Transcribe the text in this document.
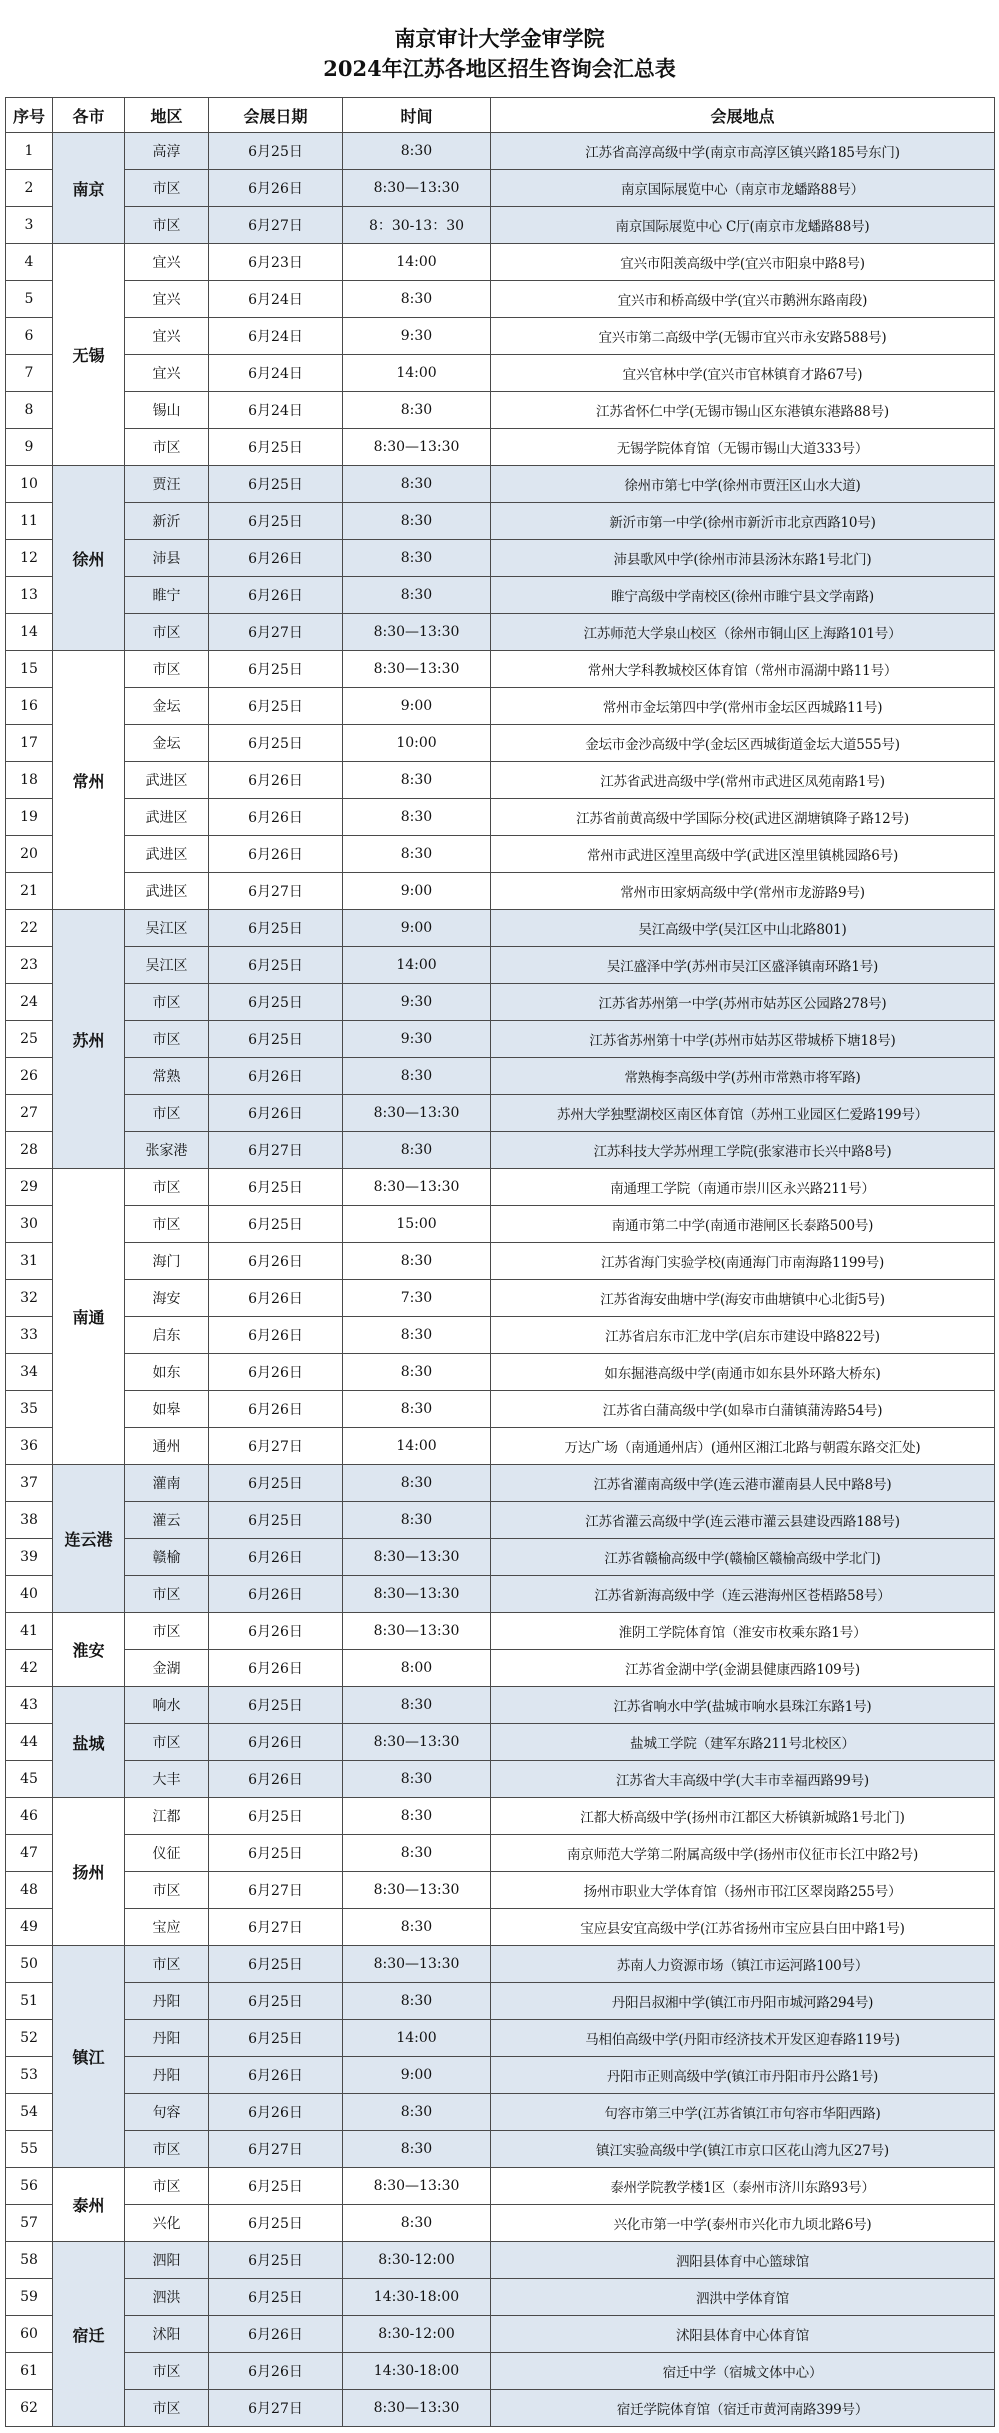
南京审计大学金审学院
2024年江苏各地区招生咨询会汇总表
序号	各市	地区	会展日期	时间	会展地点
1	南京	高淳	6月25日	8:30	江苏省高淳高级中学(南京市高淳区镇兴路185号东门)
2		市区	6月26日	8:30—13:30	南京国际展览中心（南京市龙蟠路88号）
3		市区	6月27日	8：30-13：30	南京国际展览中心 C厅(南京市龙蟠路88号)
4	无锡	宜兴	6月23日	14:00	宜兴市阳羡高级中学(宜兴市阳泉中路8号)
5		宜兴	6月24日	8:30	宜兴市和桥高级中学(宜兴市鹅洲东路南段)
6		宜兴	6月24日	9:30	宜兴市第二高级中学(无锡市宜兴市永安路588号)
7		宜兴	6月24日	14:00	宜兴官林中学(宜兴市官林镇育才路67号)
8		锡山	6月24日	8:30	江苏省怀仁中学(无锡市锡山区东港镇东港路88号)
9		市区	6月25日	8:30—13:30	无锡学院体育馆（无锡市锡山大道333号）
10	徐州	贾汪	6月25日	8:30	徐州市第七中学(徐州市贾汪区山水大道)
11		新沂	6月25日	8:30	新沂市第一中学(徐州市新沂市北京西路10号)
12		沛县	6月26日	8:30	沛县歌风中学(徐州市沛县汤沐东路1号北门)
13		睢宁	6月26日	8:30	睢宁高级中学南校区(徐州市睢宁县文学南路)
14		市区	6月27日	8:30—13:30	江苏师范大学泉山校区（徐州市铜山区上海路101号）
15	常州	市区	6月25日	8:30—13:30	常州大学科教城校区体育馆（常州市滆湖中路11号）
16		金坛	6月25日	9:00	常州市金坛第四中学(常州市金坛区西城路11号)
17		金坛	6月25日	10:00	金坛市金沙高级中学(金坛区西城街道金坛大道555号)
18		武进区	6月26日	8:30	江苏省武进高级中学(常州市武进区凤苑南路1号)
19		武进区	6月26日	8:30	江苏省前黄高级中学国际分校(武进区湖塘镇降子路12号)
20		武进区	6月26日	8:30	常州市武进区湟里高级中学(武进区湟里镇桃园路6号)
21		武进区	6月27日	9:00	常州市田家炳高级中学(常州市龙游路9号)
22	苏州	吴江区	6月25日	9:00	吴江高级中学(吴江区中山北路801)
23		吴江区	6月25日	14:00	吴江盛泽中学(苏州市吴江区盛泽镇南环路1号)
24		市区	6月25日	9:30	江苏省苏州第一中学(苏州市姑苏区公园路278号)
25		市区	6月25日	9:30	江苏省苏州第十中学(苏州市姑苏区带城桥下塘18号)
26		常熟	6月26日	8:30	常熟梅李高级中学(苏州市常熟市将军路)
27		市区	6月26日	8:30—13:30	苏州大学独墅湖校区南区体育馆（苏州工业园区仁爱路199号）
28		张家港	6月27日	8:30	江苏科技大学苏州理工学院(张家港市长兴中路8号)
29	南通	市区	6月25日	8:30—13:30	南通理工学院（南通市崇川区永兴路211号）
30		市区	6月25日	15:00	南通市第二中学(南通市港闸区长泰路500号)
31		海门	6月26日	8:30	江苏省海门实验学校(南通海门市南海路1199号)
32		海安	6月26日	7:30	江苏省海安曲塘中学(海安市曲塘镇中心北街5号)
33		启东	6月26日	8:30	江苏省启东市汇龙中学(启东市建设中路822号)
34		如东	6月26日	8:30	如东掘港高级中学(南通市如东县外环路大桥东)
35		如皋	6月26日	8:30	江苏省白蒲高级中学(如皋市白蒲镇蒲涛路54号)
36		通州	6月27日	14:00	万达广场（南通通州店）(通州区湘江北路与朝霞东路交汇处)
37	连云港	灌南	6月25日	8:30	江苏省灌南高级中学(连云港市灌南县人民中路8号)
38		灌云	6月25日	8:30	江苏省灌云高级中学(连云港市灌云县建设西路188号)
39		赣榆	6月26日	8:30—13:30	江苏省赣榆高级中学(赣榆区赣榆高级中学北门)
40		市区	6月26日	8:30—13:30	江苏省新海高级中学（连云港海州区苍梧路58号）
41	淮安	市区	6月26日	8:30—13:30	淮阴工学院体育馆（淮安市枚乘东路1号）
42		金湖	6月26日	8:00	江苏省金湖中学(金湖县健康西路109号)
43	盐城	响水	6月25日	8:30	江苏省响水中学(盐城市响水县珠江东路1号)
44		市区	6月26日	8:30—13:30	盐城工学院（建军东路211号北校区）
45		大丰	6月26日	8:30	江苏省大丰高级中学(大丰市幸福西路99号)
46	扬州	江都	6月25日	8:30	江都大桥高级中学(扬州市江都区大桥镇新城路1号北门)
47		仪征	6月25日	8:30	南京师范大学第二附属高级中学(扬州市仪征市长江中路2号)
48		市区	6月27日	8:30—13:30	扬州市职业大学体育馆（扬州市邗江区翠岗路255号）
49		宝应	6月27日	8:30	宝应县安宜高级中学(江苏省扬州市宝应县白田中路1号)
50	镇江	市区	6月25日	8:30—13:30	苏南人力资源市场（镇江市运河路100号）
51		丹阳	6月25日	8:30	丹阳吕叔湘中学(镇江市丹阳市城河路294号)
52		丹阳	6月25日	14:00	马相伯高级中学(丹阳市经济技术开发区迎春路119号)
53		丹阳	6月26日	9:00	丹阳市正则高级中学(镇江市丹阳市丹公路1号)
54		句容	6月26日	8:30	句容市第三中学(江苏省镇江市句容市华阳西路)
55		市区	6月27日	8:30	镇江实验高级中学(镇江市京口区花山湾九区27号)
56	泰州	市区	6月25日	8:30—13:30	泰州学院教学楼1区（泰州市济川东路93号）
57		兴化	6月25日	8:30	兴化市第一中学(泰州市兴化市九顷北路6号)
58	宿迁	泗阳	6月25日	8:30-12:00	泗阳县体育中心篮球馆
59		泗洪	6月25日	14:30-18:00	泗洪中学体育馆
60		沭阳	6月26日	8:30-12:00	沭阳县体育中心体育馆
61		市区	6月26日	14:30-18:00	宿迁中学（宿城文体中心）
62		市区	6月27日	8:30—13:30	宿迁学院体育馆（宿迁市黄河南路399号）
